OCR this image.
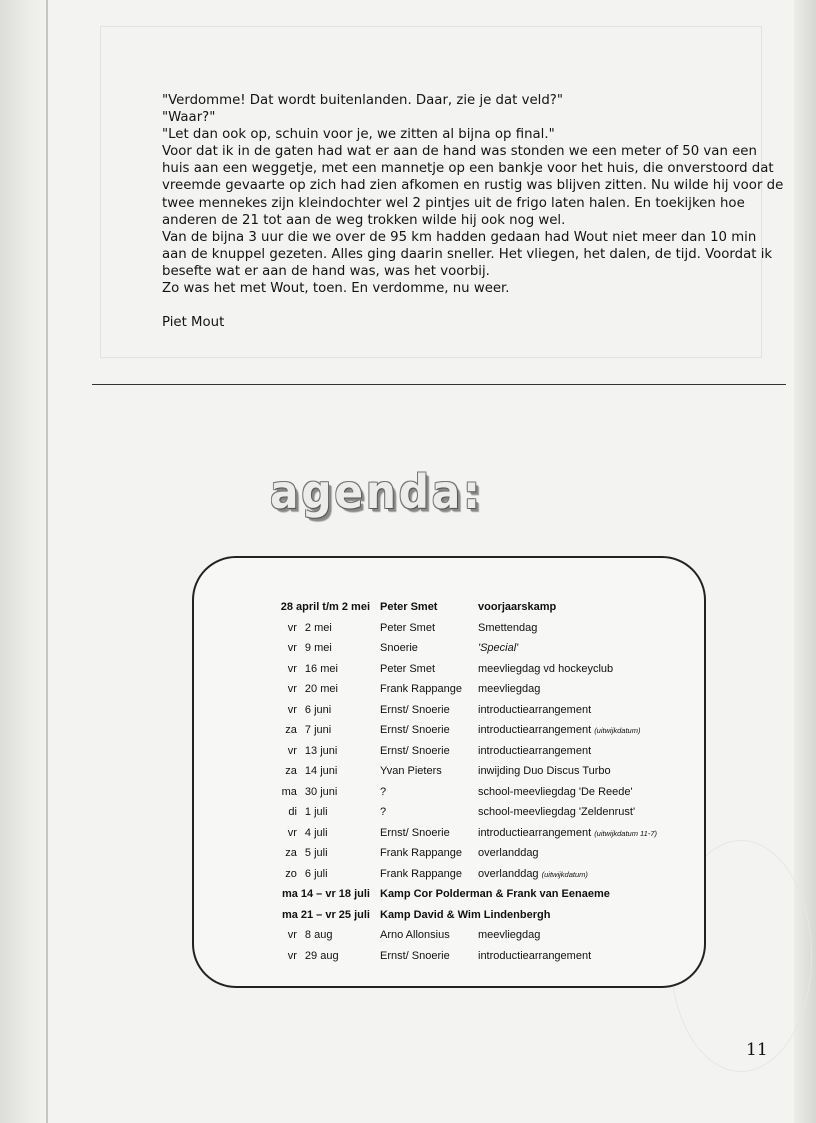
"Verdomme! Dat wordt buitenlanden. Daar, zie je dat veld?"

"Waar?"

"Let dan ook op, schuin voor je, we zitten al bijna op final."

Voor dat ik in de gaten had wat er aan de hand was stonden we een meter of 50 van een

huis aan een weggetje, met een mannetje op een bankje voor het huis, die onverstoord dat

vreemde gevaarte op zich had zien afkomen en rustig was blijven zitten. Nu wilde hij voor de

twee mennekes zijn kleindochter wel 2 pintjes uit de frigo laten halen. En toekijken hoe

anderen de 21 tot aan de weg trokken wilde hij ook nog wel.

Van de bijna 3 uur die we over de 95 km hadden gedaan had Wout niet meer dan 10 min

aan de knuppel gezeten. Alles ging daarin sneller. Het vliegen, het dalen, de tijd. Voordat ik

besefte wat er aan de hand was, was het voorbij.

Zo was het met Wout, toen. En verdomme, nu weer.

Piet Mout

agenda:
28 april t/m 2 mei		Peter Smet	voorjaarskamp
vr	2 mei	Peter Smet	Smettendag
vr	9 mei	Snoerie	'Special'
vr	16 mei	Peter Smet	meevliegdag vd hockeyclub
vr	20 mei	Frank Rappange	meevliegdag
vr	6 juni	Ernst/ Snoerie	introductiearrangement
za	7 juni	Ernst/ Snoerie	introductiearrangement (uitwijkdatum)
vr	13 juni	Ernst/ Snoerie	introductiearrangement
za	14 juni	Yvan Pieters	inwijding Duo Discus Turbo
ma	30 juni	?	school-meevliegdag 'De Reede'
di	1 juli	?	school-meevliegdag 'Zeldenrust'
vr	4 juli	Ernst/ Snoerie	introductiearrangement (uitwijkdatum 11-7)
za	5 juli	Frank Rappange	overlanddag
zo	6 juli	Frank Rappange	overlanddag (uitwijkdatum)
ma 14 – vr 18 juli		Kamp Cor Polderman & Frank van Eenaeme	
ma 21 – vr 25 juli		Kamp David & Wim Lindenbergh	
vr	8 aug	Arno Allonsius	meevliegdag
vr	29 aug	Ernst/ Snoerie	introductiearrangement
11
